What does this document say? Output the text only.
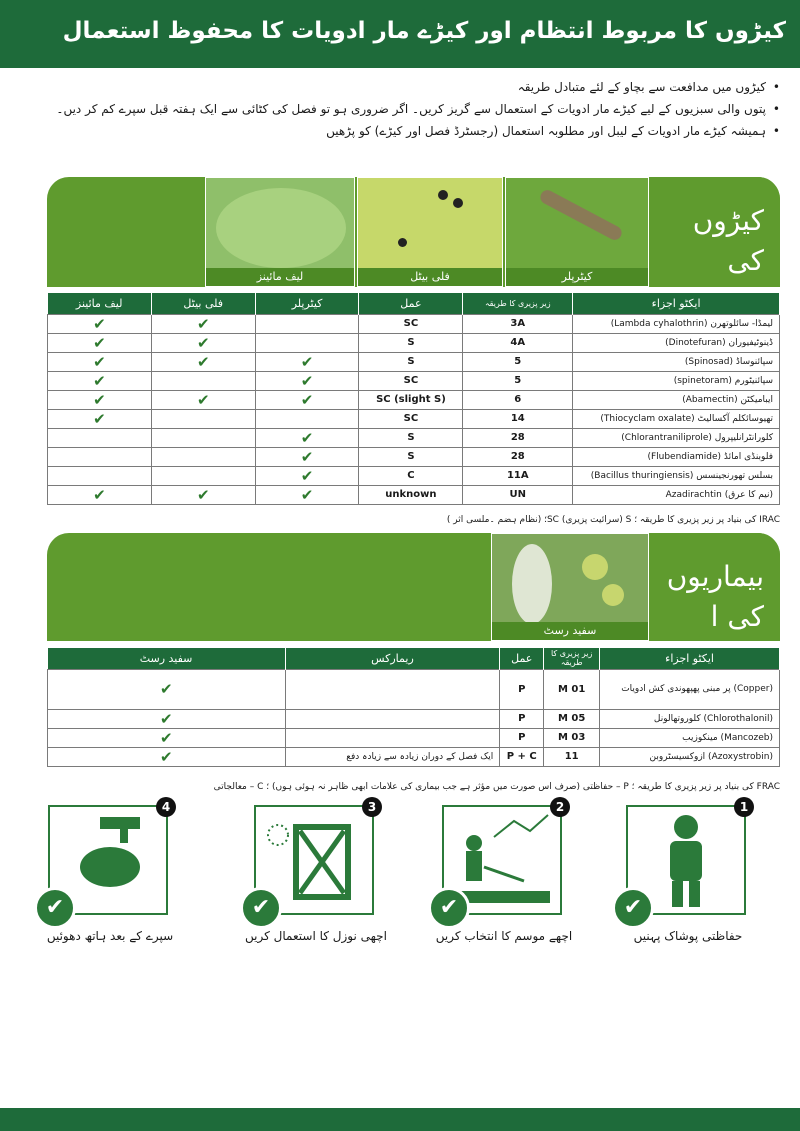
کیڑوں کا مربوط انتظام اور کیڑے مار ادویات کا محفوظ استعمال
• کیڑوں میں مدافعت سے بچاو کے لئے متبادل طریقہ
• پتوں والی سبزیوں کے لیے کیڑے مار ادویات کے استعمال سے گریز کریں۔ اگر ضروری ہو تو فصل کی کٹائی سے ایک ہفتہ قبل سپرے کم کر دیں۔
• ہمیشہ کیڑے مار ادویات کے لیبل اور مطلوبہ استعمال (رجسٹرڈ فصل اور کیڑے) کو پڑھیں
لیف مائینز	فلی بیٹل	کیٹرپلر
کیڑوں کی
لیف مائینز	فلی بیٹل	کیٹرپلر	عمل	زیر پزیری کا طریقہ	ایکٹو اجزاء
✔	✔		SC	3A	لیمڈا- سائلوتھرن (Lambda cyhalothrin)
✔	✔		S	4A	ڈینوٹیفیوران (Dinotefuran)
✔	✔	✔	S	5	سپائنوساڈ (Spinosad)
✔		✔	SC	5	سپائنیٹورم (spinetoram)
✔	✔	✔	SC (slight S)	6	ایبامیکٹن (Abamectin)
✔			SC	14	تھیوسائکلم آکسالیٹ (Thiocyclam oxalate)
		✔	S	28	کلورانٹرانلیپرول (Chlorantraniliprole)
		✔	S	28	فلوبنڈی امائڈ (Flubendiamide)
		✔	C	11A	بسلس تھورنجینسس (Bacillus thuringiensis)
✔	✔	✔	unknown	UN	(نیم کا عرق) Azadirachtin
IRAC کی بنیاد پر زیر پزیری کا طریقہ ؛ S (سرائیت پزیری) SC؛ (نظام ہضم ۔ملسی اثر )
سفید رسٹ
بیماریوں کی ا
سفید رسٹ	ریمارکس	عمل	زیر پزیری کا طریقہ	ایکٹو اجزاء
✔		P	M 01	(Copper) پر مبنی پھپھوندی کش ادویات
✔		P	M 05	(Chlorothalonil) کلوروتھالونل
✔		P	M 03	(Mancozeb) مینکوزیب
✔	ایک فصل کے دوران زیادہ سے زیادہ دفع	P + C	11	(Azoxystrobin) ازوکسیسٹروبن
FRAC کی بنیاد پر زیر پزیری کا طریقہ ؛ P – حفاظتی (صرف اس صورت میں مؤثر ہے جب بیماری کی علامات ابھی ظاہر نہ ہوئی ہوں) ؛ C – معالجاتی
4
✔
سپرے کے بعد ہاتھ دھوئیں
3
✔
اچھی نوزل کا استعمال کریں
2
✔
اچھے موسم کا انتخاب کریں
1
✔
حفاظتی پوشاک پہنیں
